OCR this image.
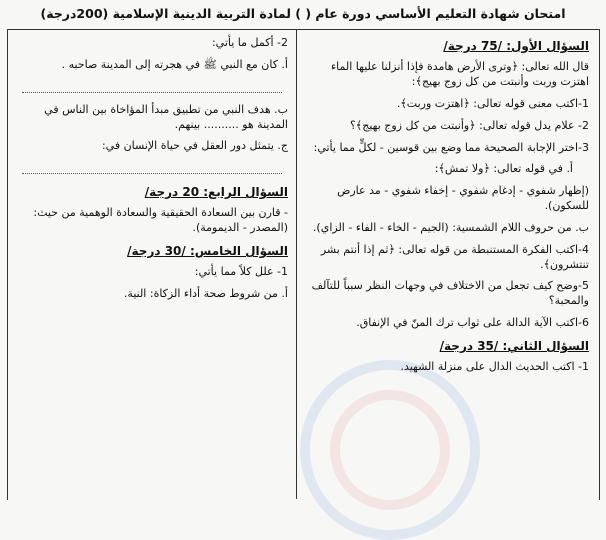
امتحان شهادة التعليم الأساسي دورة عام ( ) لمادة التربية الدينية الإسلامية (200درجة)
السؤال الأول: /75 درجة/
قال الله تعالى: ﴿وترى الأرض هامدة فإذا أنزلنا عليها الماء اهتزت وربت وأنبتت من كل زوج بهيج﴾:
1-اكتب معنى قوله تعالى: ﴿اهتزت وربت﴾.
2- علام يدل قوله تعالى: ﴿وأنبتت من كل زوج بهيج﴾؟
3-اختر الإجابة الصحيحة مما وضع بين قوسين - لكلٍّ مما يأتي:
أ. في قوله تعالى: ﴿ولا تمش﴾:
(إظهار شفوي - إدغام شفوي - إخفاء شفوي - مد عارض للسكون).
ب. من حروف اللام الشمسية: (الجيم - الخاء - الفاء - الزاي).
4-اكتب الفكرة المستنبطة من قوله تعالى: ﴿ثم إذا أنتم بشر تنتشرون﴾.
5-وضح كيف تجعل من الاختلاف في وجهات النظر سبباً للتآلف والمحبة؟
6-اكتب الآية الدالة على ثواب ترك المنّ في الإنفاق.
السؤال الثاني: /35 درجة/
1- اكتب الحديث الدال على منزلة الشهيد.
2- أكمل ما يأتي:
أ. كان مع النبي ﷺ في هجرته إلى المدينة صاحبه .
ب. هدف النبي من تطبيق مبدأ المؤاخاة بين الناس في المدينة هو .......... بينهم.
ج. يتمثل دور العقل في حياة الإنسان في:
السؤال الرابع: 20 درجة/
- قارن بين السعادة الحقيقية والسعادة الوهمية من حيث: (المصدر - الديمومة).
السؤال الخامس: /30 درجة/
1- علل كلاً مما يأتي:
أ. من شروط صحة أداء الزكاة: النية.
